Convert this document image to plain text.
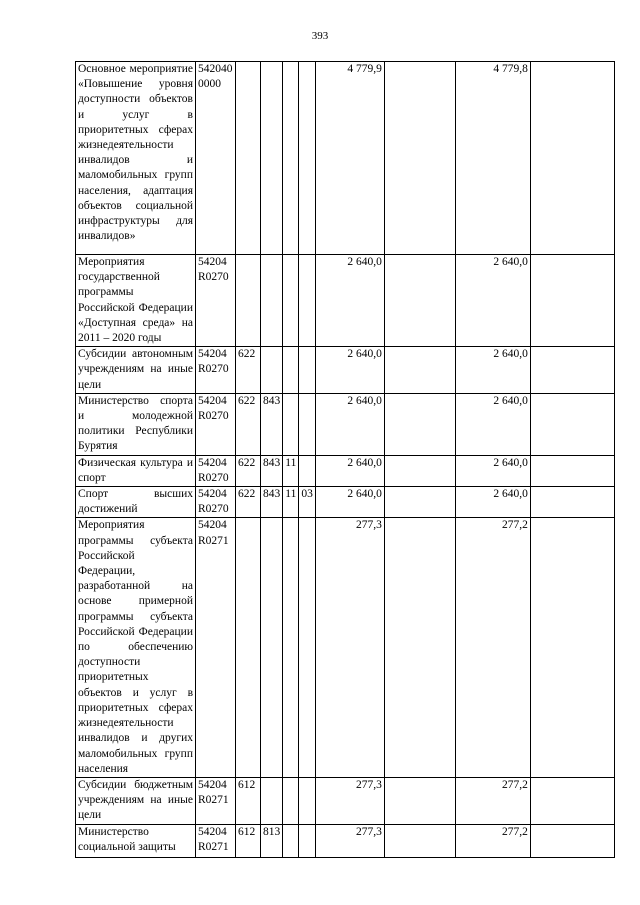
393
Основное мероприятие «Повышение уровня доступности объектов и услуг в приоритетных сферах жизнедеятельности инвалидов и маломобильных групп населения, адаптация объектов социальной инфраструктуры для инвалидов»	5420400000					4 779,9		4 779,8	

Мероприятия государственной программы Российской Федерации «Доступная среда» на 2011 – 2020 годы	54204R0270					2 640,0		2 640,0	

Субсидии автономным учреждениям на иные цели	54204R0270	622				2 640,0		2 640,0	

Министерство спорта и молодежной политики Республики Бурятия	54204R0270	622	843			2 640,0		2 640,0	

Физическая культура и спорт	54204R0270	622	843	11		2 640,0		2 640,0	

Спорт высших достижений	54204R0270	622	843	11	03	2 640,0		2 640,0	

Мероприятия программы субъекта Российской Федерации, разработанной на основе примерной программы субъекта Российской Федерации по обеспечению доступности приоритетных объектов и услуг в приоритетных сферах жизнедеятельности инвалидов и других маломобильных групп населения	54204R0271					277,3		277,2	

Субсидии бюджетным учреждениям на иные цели	54204R0271	612				277,3		277,2	

Министерство социальной защиты	54204R0271	612	813			277,3		277,2	
